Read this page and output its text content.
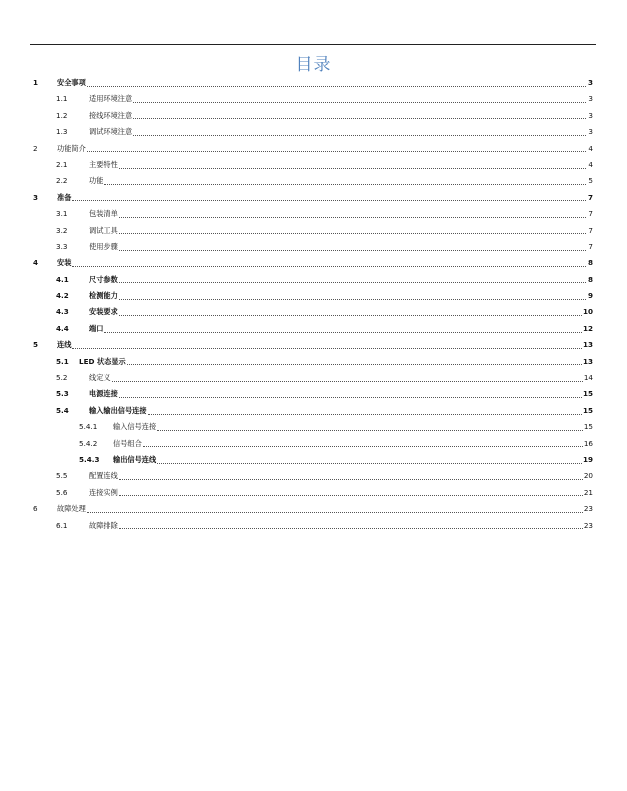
目录
1	安全事项	3
1.1	适用环境注意	3
1.2	接线环境注意	3
1.3	调试环境注意	3
2	功能简介	4
2.1	主要特性	4
2.2	功能	5
3	准备	7
3.1	包装清单	7
3.2	调试工具	7
3.3	使用步骤	7
4	安装	8
4.1	尺寸参数	8
4.2	检测能力	9
4.3	安装要求	10
4.4	端口	12
5	连线	13
5.1	LED 状态显示	13
5.2	线定义	14
5.3	电源连接	15
5.4	输入输出信号连接	15
5.4.1	输入信号连接	15
5.4.2	信号组合	16
5.4.3	输出信号连线	19
5.5	配置连线	20
5.6	连接实例	21
6	故障处理	23
6.1	故障排除	23
